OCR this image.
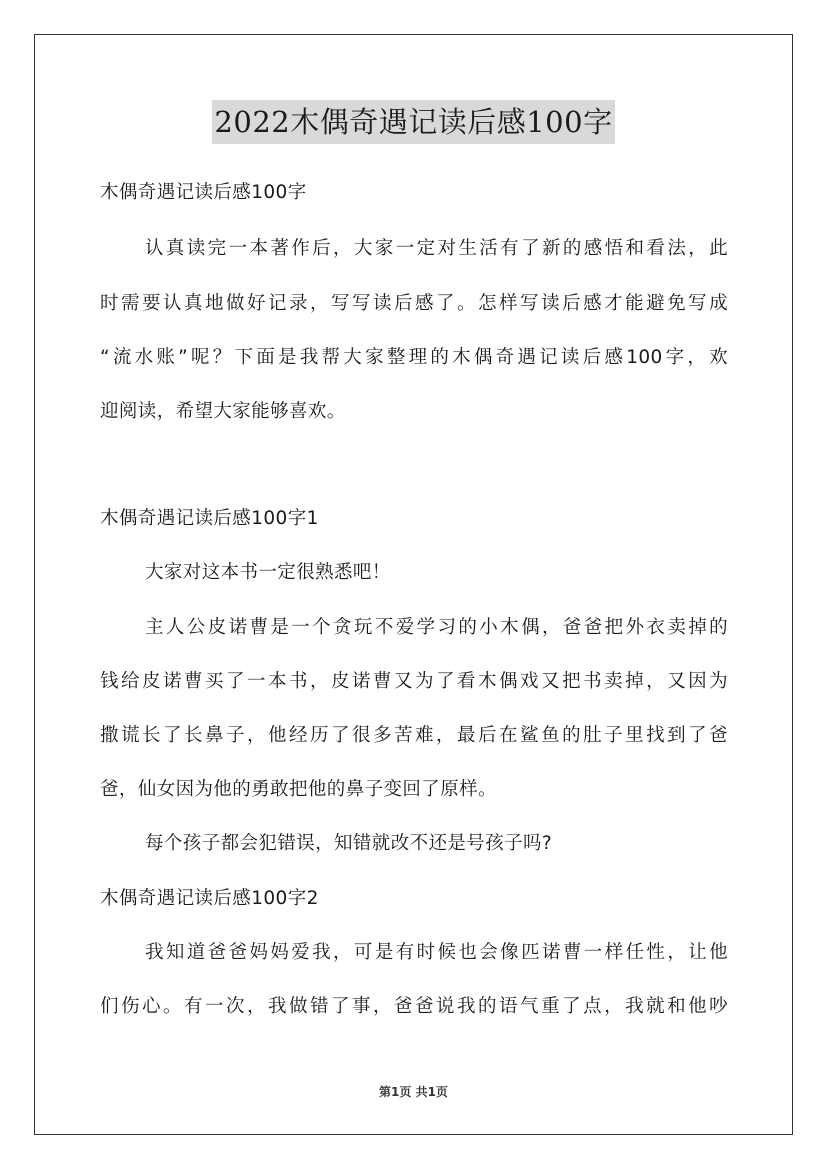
2022木偶奇遇记读后感100字
木偶奇遇记读后感100字
认真读完一本著作后，大家一定对生活有了新的感悟和看法，此
时需要认真地做好记录，写写读后感了。怎样写读后感才能避免写成
“流水账”呢？下面是我帮大家整理的木偶奇遇记读后感100字，欢
迎阅读，希望大家能够喜欢。
木偶奇遇记读后感100字1
大家对这本书一定很熟悉吧！
主人公皮诺曹是一个贪玩不爱学习的小木偶，爸爸把外衣卖掉的
钱给皮诺曹买了一本书，皮诺曹又为了看木偶戏又把书卖掉，又因为
撒谎长了长鼻子，他经历了很多苦难，最后在鲨鱼的肚子里找到了爸
爸，仙女因为他的勇敢把他的鼻子变回了原样。
每个孩子都会犯错误，知错就改不还是号孩子吗?
木偶奇遇记读后感100字2
我知道爸爸妈妈爱我，可是有时候也会像匹诺曹一样任性，让他
们伤心。有一次，我做错了事，爸爸说我的语气重了点，我就和他吵
第1页 共1页
